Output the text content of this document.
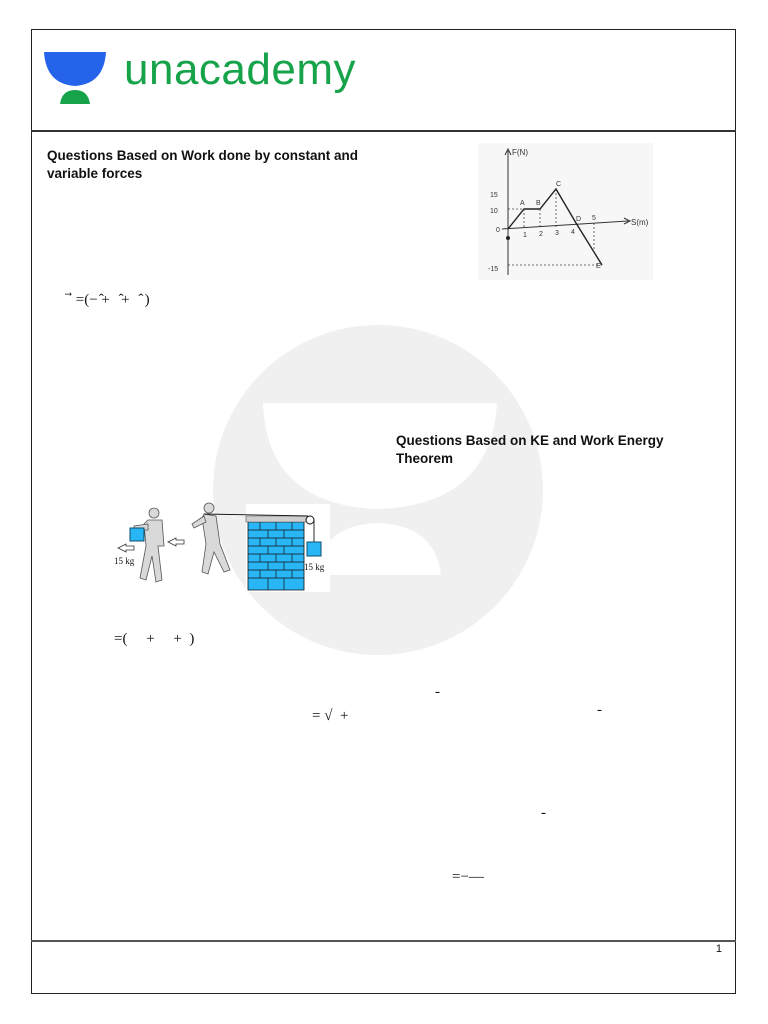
unacademy
Questions Based on Work done by constant and variable forces
Questions Based on KE and Work Energy Theorem
F(N)
S(m)
15
10
0
-15
1 2 3 4
A B
C
D 5
E
⃗ =(− ̂+   ̂+   ̂ )
=(     +     +  )
= √  +
-
-
-
=−—
15 kg
15 kg
1
